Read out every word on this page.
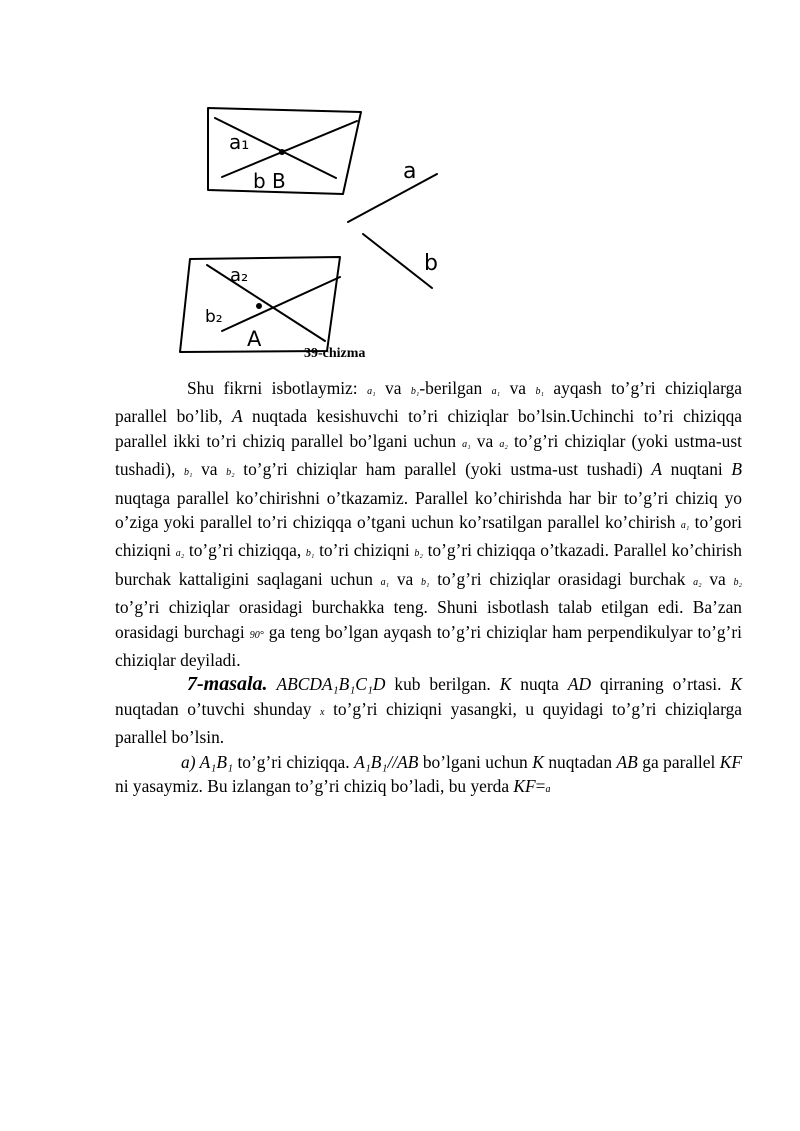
a₁
b B
a₂
b₂
A
a
b
39-chizma

Shu fikrni isbotlaymiz: a₁ va b₁-berilgan a₁ va b₁ ayqash to’g’ri chiziqlarga parallel bo’lib, A nuqtada kesishuvchi to’ri chiziqlar bo’lsin.Uchinchi to’ri chiziqqa parallel ikki to’ri chiziq parallel bo’lgani uchun a₁ va a₂ to’g’ri chiziqlar (yoki ustma-ust tushadi), b₁ va b₂ to’g’ri chiziqlar ham parallel (yoki ustma-ust tushadi) A nuqtani B nuqtaga parallel ko’chirishni o’tkazamiz. Parallel ko’chirishda har bir to’g’ri chiziq yo o’ziga yoki parallel to’ri chiziqqa o’tgani uchun ko’rsatilgan parallel ko’chirish a₁ to’gori chiziqni a₂ to’g’ri chiziqqa, b₁ to’ri chiziqni b₂ to’g’ri chiziqqa o’tkazadi. Parallel ko’chirish burchak kattaligini saqlagani uchun a₁ va b₁ to’g’ri chiziqlar orasidagi burchak a₂ va b₂ to’g’ri chiziqlar orasidagi burchakka teng. Shuni isbotlash talab etilgan edi. Ba’zan orasidagi burchagi 90° ga teng bo’lgan ayqash to’g’ri chiziqlar ham perpendikulyar to’g’ri chiziqlar deyiladi.

7-masala. ABCDA₁B₁C₁D kub berilgan. K nuqta AD qirraning o’rtasi. K nuqtadan o’tuvchi shunday x to’g’ri chiziqni yasangki, u quyidagi to’g’ri chiziqlarga parallel bo’lsin.

a) A₁B₁ to’g’ri chiziqqa. A₁B₁//AB bo’lgani uchun K nuqtadan AB ga parallel KF ni yasaymiz. Bu izlangan to’g’ri chiziq bo’ladi, bu yerda KF=a
